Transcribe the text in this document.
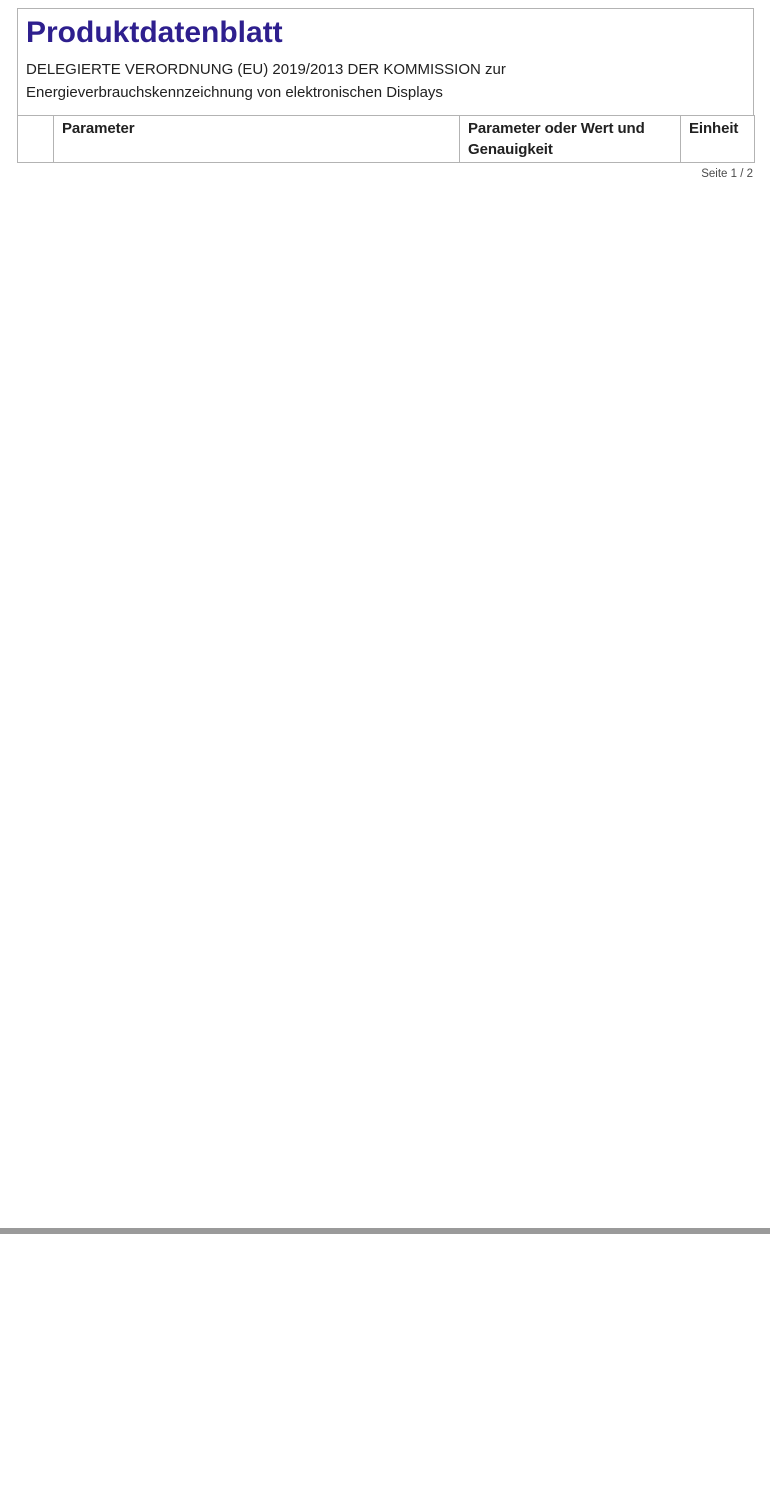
Produktdatenblatt

DELEGIERTE VERORDNUNG (EU) 2019/2013 DER KOMMISSION zur

Energieverbrauchskennzeichnung von elektronischen Displays

	Parameter	Parameter oder Wert und Genauigkeit	Einheit
Seite 1 / 2
